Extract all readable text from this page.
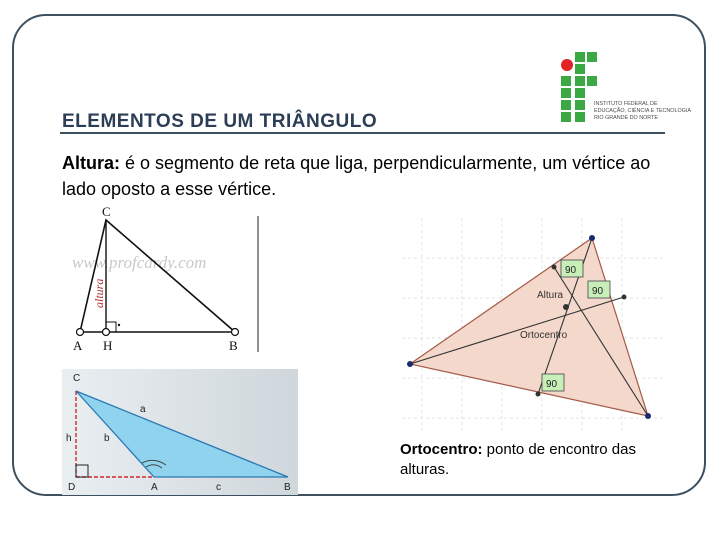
ELEMENTOS DE UM TRIÂNGULO
INSTITUTO FEDERAL DE
EDUCAÇÃO, CIÊNCIA E TECNOLOGIA
RIO GRANDE DO NORTE
Altura: é o segmento de reta que liga, perpendicularmente, um vértice ao lado oposto a esse vértice.
www.profcardy.com
C
A H	B
altura
C
D	A	B
a
b
c
h
90
90
90
Altura
Ortocentro
Ortocentro: ponto de encontro das alturas.
